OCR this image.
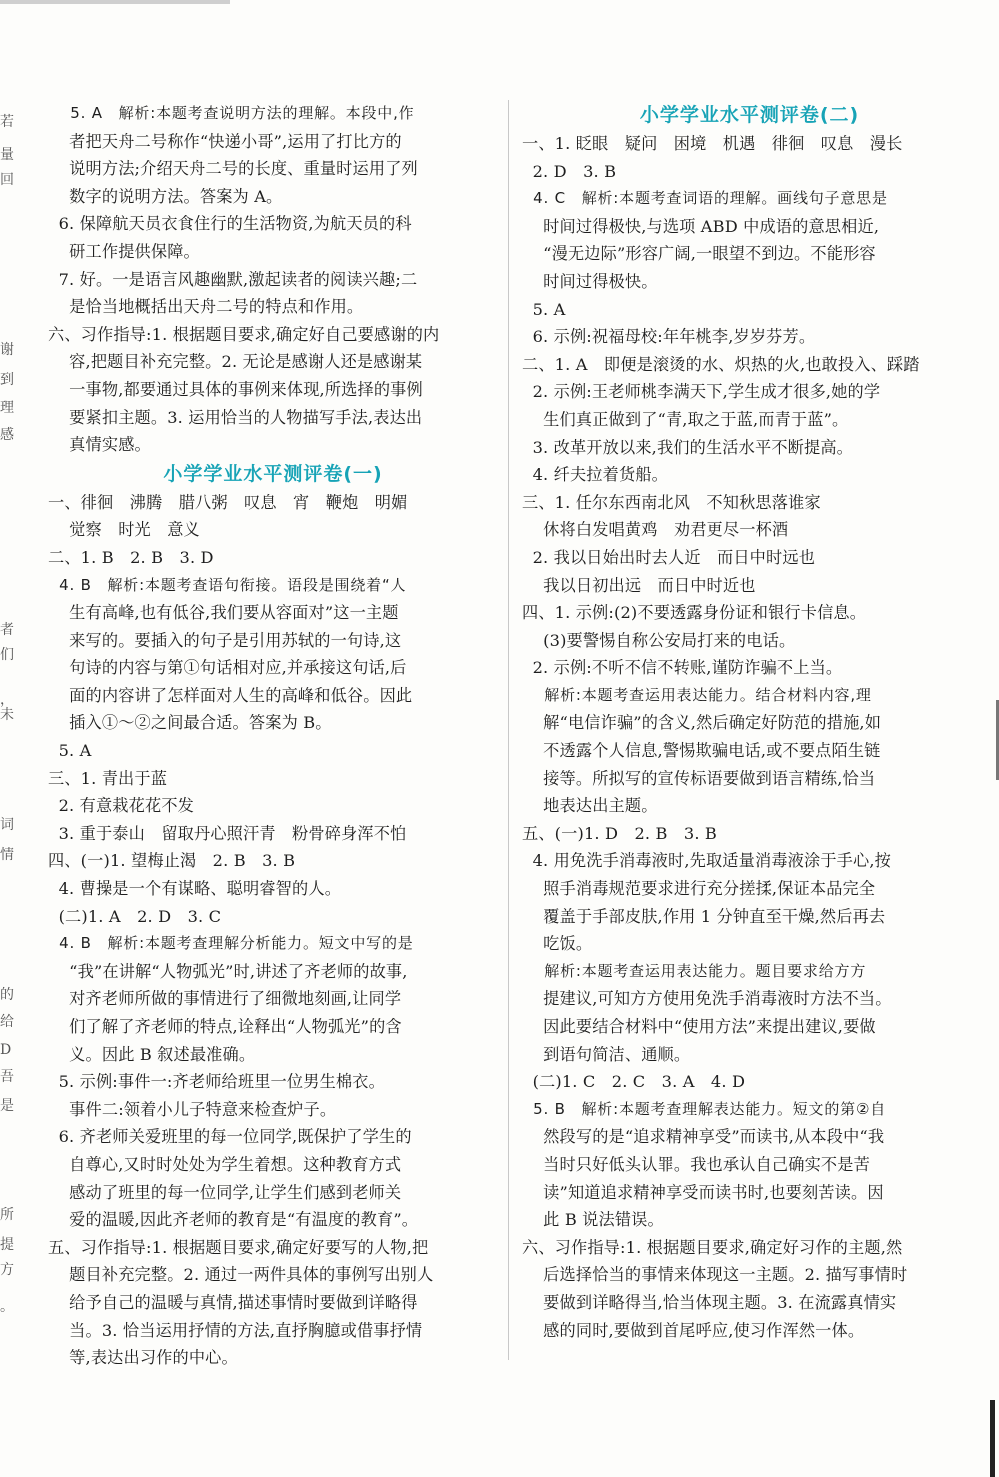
若
量
回
谢
到
理
感
者
们
，
未
词
情
的
给
D
吾
是
所
提
方
。
5. A　解析:本题考查说明方法的理解。本段中,作
者把天舟二号称作“快递小哥”,运用了打比方的
说明方法;介绍天舟二号的长度、重量时运用了列
数字的说明方法。答案为 A。
6. 保障航天员衣食住行的生活物资,为航天员的科
研工作提供保障。
7. 好。一是语言风趣幽默,激起读者的阅读兴趣;二
是恰当地概括出天舟二号的特点和作用。
六、习作指导:1. 根据题目要求,确定好自己要感谢的内
容,把题目补充完整。2. 无论是感谢人还是感谢某
一事物,都要通过具体的事例来体现,所选择的事例
要紧扣主题。3. 运用恰当的人物描写手法,表达出
真情实感。
小学学业水平测评卷(一)
一、徘徊　沸腾　腊八粥　叹息　宵　鞭炮　明媚
觉察　时光　意义
二、1. B　2. B　3. D
4. B　解析:本题考查语句衔接。语段是围绕着“人
生有高峰,也有低谷,我们要从容面对”这一主题
来写的。要插入的句子是引用苏轼的一句诗,这
句诗的内容与第①句话相对应,并承接这句话,后
面的内容讲了怎样面对人生的高峰和低谷。因此
插入①～②之间最合适。答案为 B。
5. A
三、1. 青出于蓝
2. 有意栽花花不发
3. 重于泰山　留取丹心照汗青　粉骨碎身浑不怕
四、(一)1. 望梅止渴　2. B　3. B
4. 曹操是一个有谋略、聪明睿智的人。
(二)1. A　2. D　3. C
4. B　解析:本题考查理解分析能力。短文中写的是
“我”在讲解“人物弧光”时,讲述了齐老师的故事,
对齐老师所做的事情进行了细微地刻画,让同学
们了解了齐老师的特点,诠释出“人物弧光”的含
义。因此 B 叙述最准确。
5. 示例:事件一:齐老师给班里一位男生棉衣。
事件二:领着小儿子特意来检查炉子。
6. 齐老师关爱班里的每一位同学,既保护了学生的
自尊心,又时时处处为学生着想。这种教育方式
感动了班里的每一位同学,让学生们感到老师关
爱的温暖,因此齐老师的教育是“有温度的教育”。
五、习作指导:1. 根据题目要求,确定好要写的人物,把
题目补充完整。2. 通过一两件具体的事例写出别人
给予自己的温暖与真情,描述事情时要做到详略得
当。3. 恰当运用抒情的方法,直抒胸臆或借事抒情
等,表达出习作的中心。
小学学业水平测评卷(二)
一、1. 眨眼　疑问　困境　机遇　徘徊　叹息　漫长
2. D　3. B
4. C　解析:本题考查词语的理解。画线句子意思是
时间过得极快,与选项 ABD 中成语的意思相近,
“漫无边际”形容广阔,一眼望不到边。不能形容
时间过得极快。
5. A
6. 示例:祝福母校:年年桃李,岁岁芬芳。
二、1. A　即便是滚烫的水、炽热的火,也敢投入、踩踏
2. 示例:王老师桃李满天下,学生成才很多,她的学
生们真正做到了“青,取之于蓝,而青于蓝”。
3. 改革开放以来,我们的生活水平不断提高。
4. 纤夫拉着货船。
三、1. 任尔东西南北风　不知秋思落谁家
休将白发唱黄鸡　劝君更尽一杯酒
2. 我以日始出时去人近　而日中时远也
我以日初出远　而日中时近也
四、1. 示例:(2)不要透露身份证和银行卡信息。
(3)要警惕自称公安局打来的电话。
2. 示例:不听不信不转账,谨防诈骗不上当。
解析:本题考查运用表达能力。结合材料内容,理
解“电信诈骗”的含义,然后确定好防范的措施,如
不透露个人信息,警惕欺骗电话,或不要点陌生链
接等。所拟写的宣传标语要做到语言精练,恰当
地表达出主题。
五、(一)1. D　2. B　3. B
4. 用免洗手消毒液时,先取适量消毒液涂于手心,按
照手消毒规范要求进行充分搓揉,保证本品完全
覆盖于手部皮肤,作用 1 分钟直至干燥,然后再去
吃饭。
解析:本题考查运用表达能力。题目要求给方方
提建议,可知方方使用免洗手消毒液时方法不当。
因此要结合材料中“使用方法”来提出建议,要做
到语句简洁、通顺。
(二)1. C　2. C　3. A　4. D
5. B　解析:本题考查理解表达能力。短文的第②自
然段写的是“追求精神享受”而读书,从本段中“我
当时只好低头认罪。我也承认自己确实不是苦
读”知道追求精神享受而读书时,也要刻苦读。因
此 B 说法错误。
六、习作指导:1. 根据题目要求,确定好习作的主题,然
后选择恰当的事情来体现这一主题。2. 描写事情时
要做到详略得当,恰当体现主题。3. 在流露真情实
感的同时,要做到首尾呼应,使习作浑然一体。
